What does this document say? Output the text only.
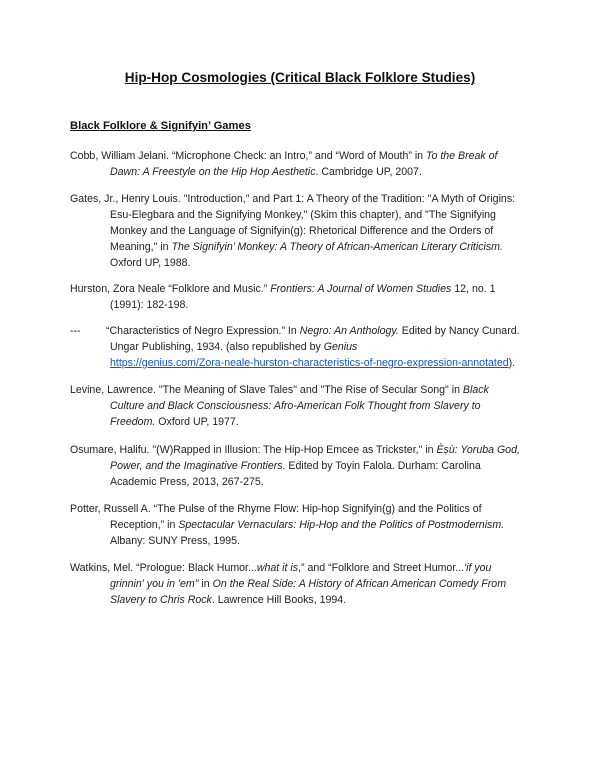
Hip-Hop Cosmologies (Critical Black Folklore Studies)
Black Folklore & Signifyin’ Games
Cobb, William Jelani. “Microphone Check: an Intro,” and “Word of Mouth” in To the Break of
Dawn: A Freestyle on the Hip Hop Aesthetic. Cambridge UP, 2007.
Gates, Jr., Henry Louis. "Introduction," and Part 1: A Theory of the Tradition: "A Myth of Origins:
Esu-Elegbara and the Signifying Monkey," (Skim this chapter), and "The Signifying
Monkey and the Language of Signifyin(g): Rhetorical Difference and the Orders of
Meaning," in The Signifyin’ Monkey: A Theory of African-American Literary Criticism.
Oxford UP, 1988.
Hurston, Zora Neale “Folklore and Music.” Frontiers: A Journal of Women Studies 12, no. 1
(1991): 182-198.
--- “Characteristics of Negro Expression.” In Negro: An Anthology. Edited by Nancy Cunard.
Ungar Publishing, 1934. (also republished by Genius
https://genius.com/Zora-neale-hurston-characteristics-of-negro-expression-annotated).
Levine, Lawrence. "The Meaning of Slave Tales" and "The Rise of Secular Song" in Black
Culture and Black Consciousness: Afro-American Folk Thought from Slavery to
Freedom. Oxford UP, 1977.
Osumare, Halifu. "(W)Rapped in Illusion: The Hip-Hop Emcee as Trickster," in Èṣù: Yoruba God,
Power, and the Imaginative Frontiers. Edited by Toyin Falola. Durham: Carolina
Academic Press, 2013, 267-275.
Potter, Russell A. “The Pulse of the Rhyme Flow: Hip-hop Signifyin(g) and the Politics of
Reception,” in Spectacular Vernaculars: Hip-Hop and the Politics of Postmodernism.
Albany: SUNY Press, 1995.
Watkins, Mel. “Prologue: Black Humor...what it is,” and “Folklore and Street Humor...'if you
grinnin' you in 'em" in On the Real Side: A History of African American Comedy From
Slavery to Chris Rock. Lawrence Hill Books, 1994.
